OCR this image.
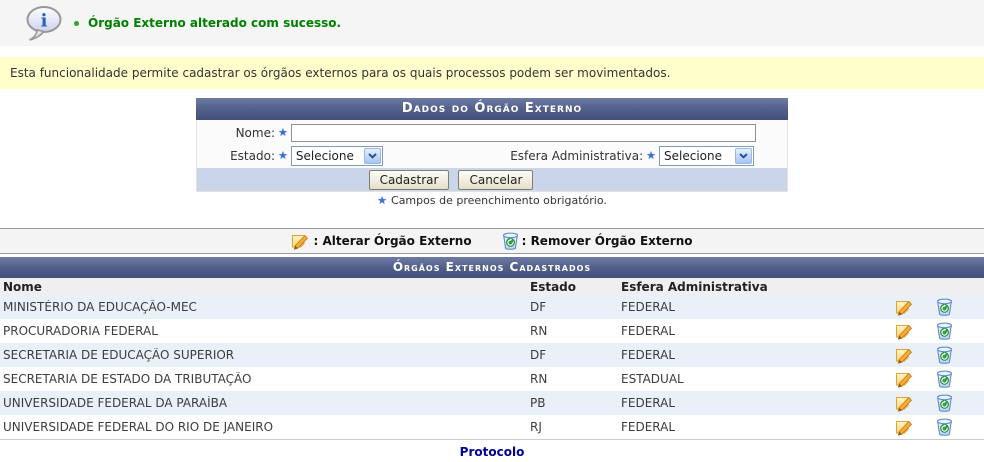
i	Órgão Externo alterado com sucesso.
Esta funcionalidade permite cadastrar os órgãos externos para os quais processos podem ser movimentados.
Dados do Órgão Externo
Nome: ★
Estado: ★ Selecione	Esfera Administrativa: ★ Selecione
Cadastrar	Cancelar
★ Campos de preenchimento obrigatório.
: Alterar Órgão Externo	: Remover Órgão Externo
Órgãos Externos Cadastrados
Nome	Estado	Esfera Administrativa
MINISTÉRIO DA EDUCAÇÃO-MEC	DF	FEDERAL
PROCURADORIA FEDERAL	RN	FEDERAL
SECRETARIA DE EDUCAÇÃO SUPERIOR	DF	FEDERAL
SECRETARIA DE ESTADO DA TRIBUTAÇÃO	RN	ESTADUAL
UNIVERSIDADE FEDERAL DA PARAÍBA	PB	FEDERAL
UNIVERSIDADE FEDERAL DO RIO DE JANEIRO	RJ	FEDERAL
Protocolo
